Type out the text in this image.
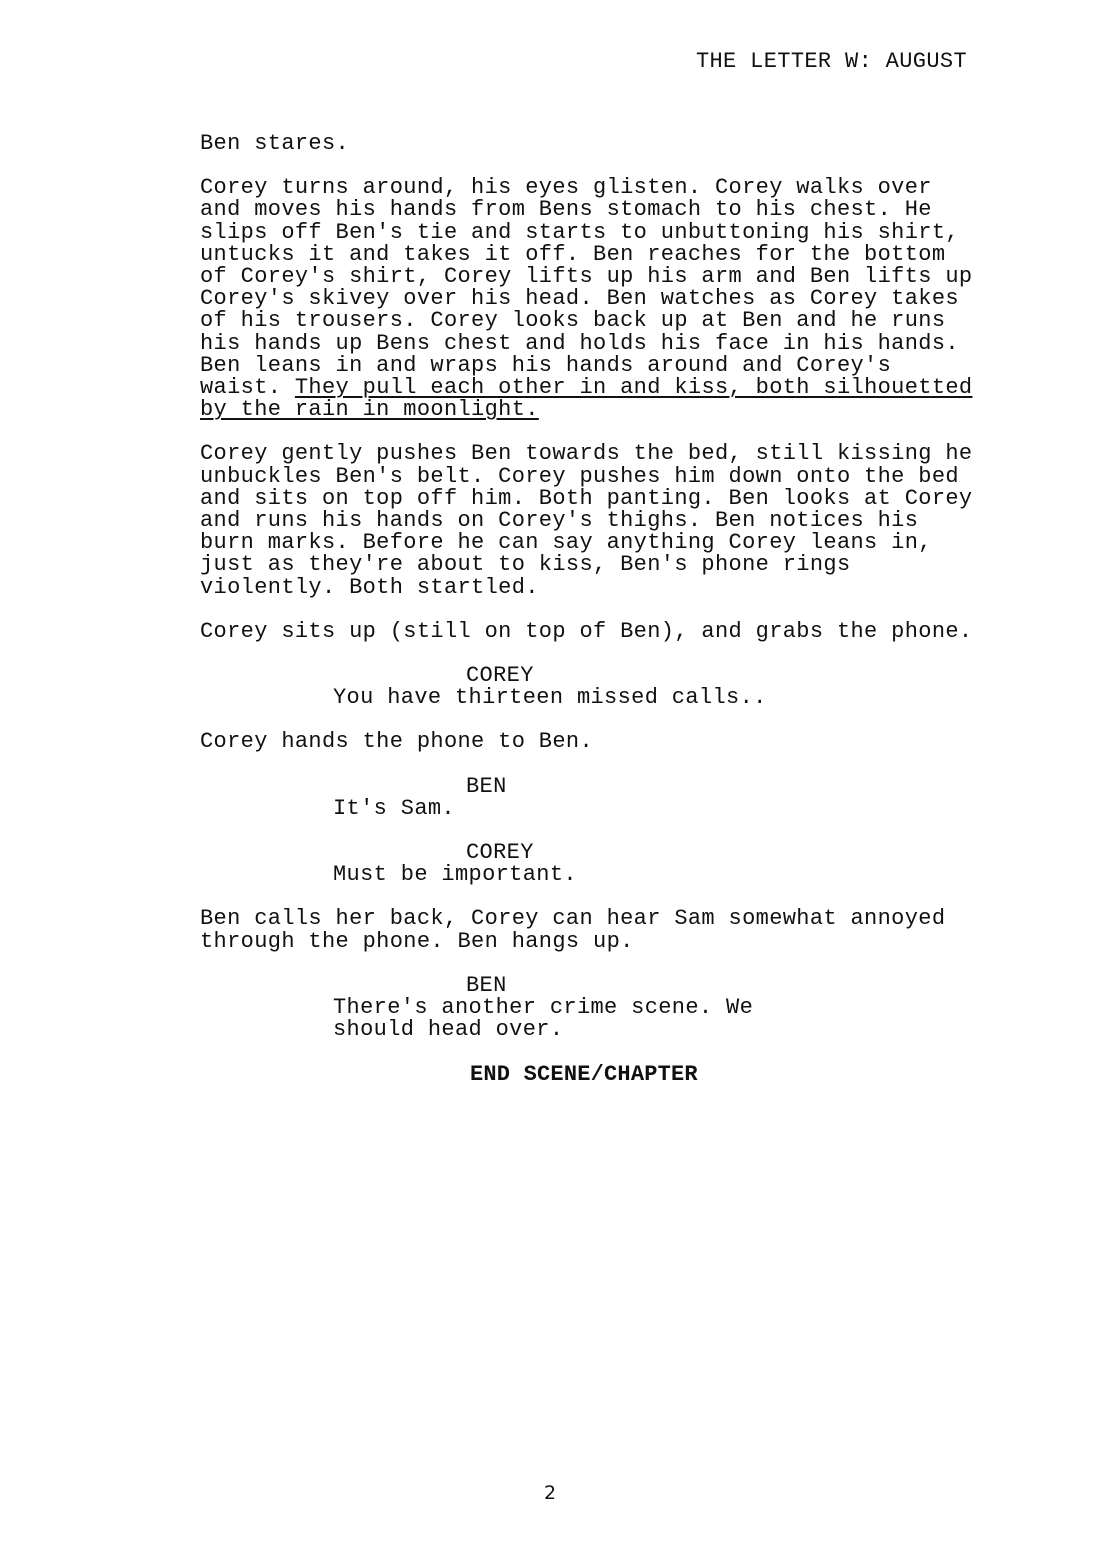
THE LETTER W: AUGUST
Ben stares.
Corey turns around, his eyes glisten. Corey walks over
and moves his hands from Bens stomach to his chest. He
slips off Ben's tie and starts to unbuttoning his shirt,
untucks it and takes it off. Ben reaches for the bottom
of Corey's shirt, Corey lifts up his arm and Ben lifts up
Corey's skivey over his head. Ben watches as Corey takes
of his trousers. Corey looks back up at Ben and he runs
his hands up Bens chest and holds his face in his hands.
Ben leans in and wraps his hands around and Corey's
waist. They pull each other in and kiss, both silhouetted
by the rain in moonlight.
Corey gently pushes Ben towards the bed, still kissing he
unbuckles Ben's belt. Corey pushes him down onto the bed
and sits on top off him. Both panting. Ben looks at Corey
and runs his hands on Corey's thighs. Ben notices his
burn marks. Before he can say anything Corey leans in,
just as they're about to kiss, Ben's phone rings
violently. Both startled.
Corey sits up (still on top of Ben), and grabs the phone.
COREY
You have thirteen missed calls..
Corey hands the phone to Ben.
BEN
It's Sam.
COREY
Must be important.
Ben calls her back, Corey can hear Sam somewhat annoyed
through the phone. Ben hangs up.
BEN
There's another crime scene. We
should head over.
END SCENE/CHAPTER
2
